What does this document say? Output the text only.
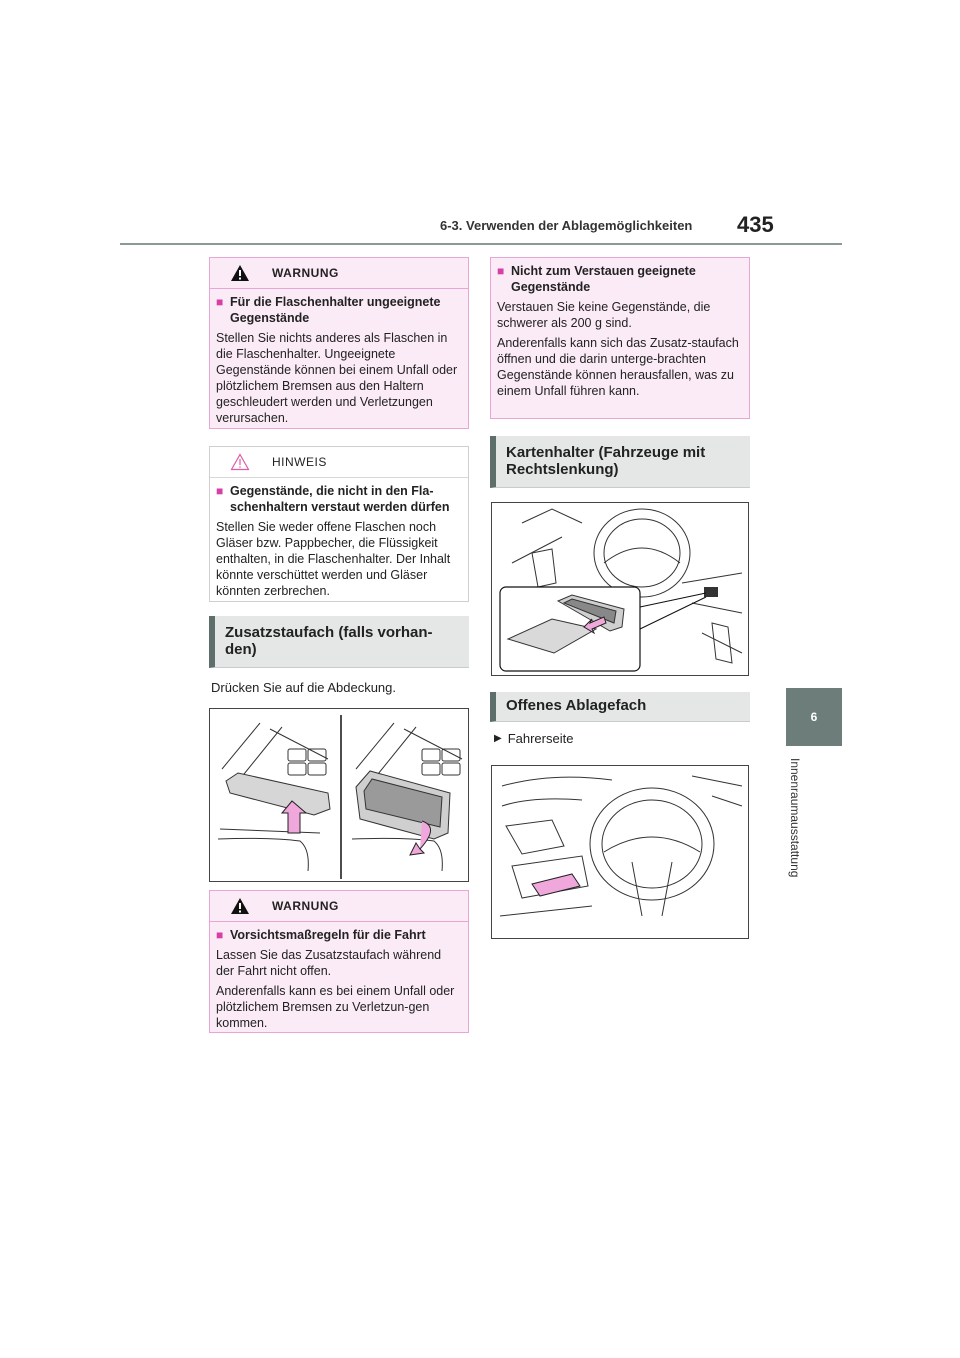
6-3. Verwenden der Ablagemöglichkeiten 435
6
Innenraumausstattung
WARNUNG
■ Für die Flaschenhalter ungeeignete Gegenstände

Stellen Sie nichts anderes als Flaschen in die Flaschenhalter. Ungeeignete Gegenstände können bei einem Unfall oder plötzlichem Bremsen aus den Haltern geschleudert werden und Verletzungen verursachen.

HINWEIS
■ Gegenstände, die nicht in den Fla-schenhaltern verstaut werden dürfen

Stellen Sie weder offene Flaschen noch Gläser bzw. Pappbecher, die Flüssigkeit enthalten, in die Flaschenhalter. Der Inhalt könnte verschüttet werden und Gläser könnten zerbrechen.

Zusatzstaufach (falls vorhan-den)
Drücken Sie auf die Abdeckung.
WARNUNG
■ Vorsichtsmaßregeln für die Fahrt

Lassen Sie das Zusatzstaufach während der Fahrt nicht offen.

Anderenfalls kann es bei einem Unfall oder plötzlichem Bremsen zu Verletzun-gen kommen.

■ Nicht zum Verstauen geeignete Gegenstände

Verstauen Sie keine Gegenstände, die schwerer als 200 g sind.

Anderenfalls kann sich das Zusatz-staufach öffnen und die darin unterge-brachten Gegenstände können herausfallen, was zu einem Unfall führen kann.

Kartenhalter (Fahrzeuge mit Rechtslenkung)
Offenes Ablagefach
▶ Fahrerseite
